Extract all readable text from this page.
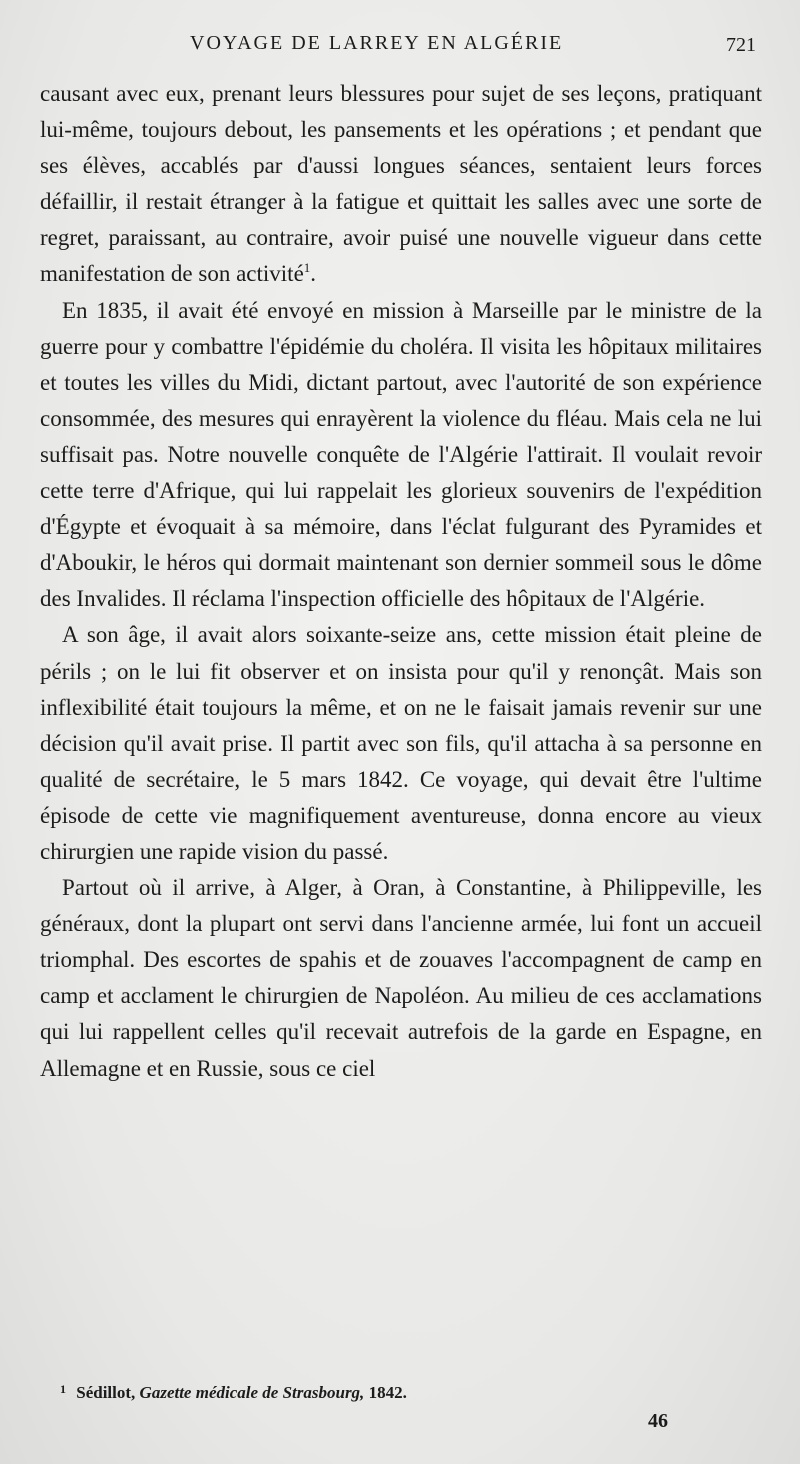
VOYAGE DE LARREY EN ALGÉRIE	721

causant avec eux, prenant leurs blessures pour sujet de ses leçons, pratiquant lui-même, toujours debout, les pansements et les opérations ; et pendant que ses élèves, accablés par d'aussi longues séances, sentaient leurs forces défaillir, il restait étranger à la fatigue et quittait les salles avec une sorte de regret, paraissant, au contraire, avoir puisé une nouvelle vigueur dans cette manifestation de son activité$^1$.

En 1835, il avait été envoyé en mission à Marseille par le ministre de la guerre pour y combattre l'épidémie du choléra. Il visita les hôpitaux militaires et toutes les villes du Midi, dictant partout, avec l'autorité de son expérience consommée, des mesures qui enrayèrent la violence du fléau. Mais cela ne lui suffisait pas. Notre nouvelle conquête de l'Algérie l'attirait. Il voulait revoir cette terre d'Afrique, qui lui rappelait les glorieux souvenirs de l'expédition d'Égypte et évoquait à sa mémoire, dans l'éclat fulgurant des Pyramides et d'Aboukir, le héros qui dormait maintenant son dernier sommeil sous le dôme des Invalides. Il réclama l'inspection officielle des hôpitaux de l'Algérie.

A son âge, il avait alors soixante-seize ans, cette mission était pleine de périls ; on le lui fit observer et on insista pour qu'il y renonçât. Mais son inflexibilité était toujours la même, et on ne le faisait jamais revenir sur une décision qu'il avait prise. Il partit avec son fils, qu'il attacha à sa personne en qualité de secrétaire, le 5 mars 1842. Ce voyage, qui devait être l'ultime épisode de cette vie magnifiquement aventureuse, donna encore au vieux chirurgien une rapide vision du passé.

Partout où il arrive, à Alger, à Oran, à Constantine, à Philippeville, les généraux, dont la plupart ont servi dans l'ancienne armée, lui font un accueil triomphal. Des escortes de spahis et de zouaves l'accompagnent de camp en camp et acclament le chirurgien de Napoléon. Au milieu de ces acclamations qui lui rappellent celles qu'il recevait autrefois de la garde en Espagne, en Allemagne et en Russie, sous ce ciel

$^1$ Sédillot, Gazette médicale de Strasbourg, 1842.
46
